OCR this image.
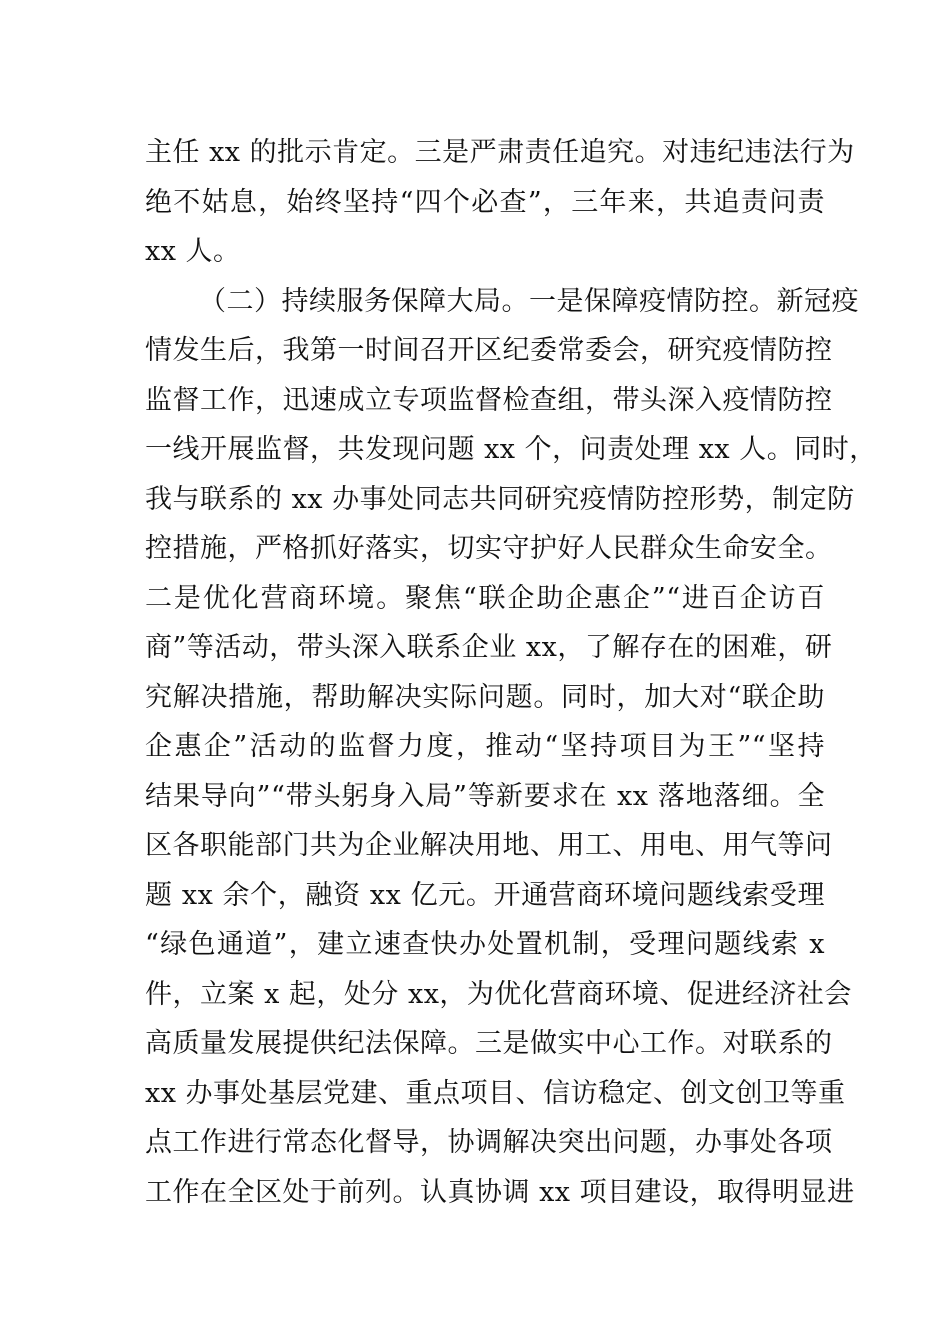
主任 xx 的批示肯定。三是严肃责任追究。对违纪违法行为
绝不姑息，始终坚持“四个必查”，三年来，共追责问责
xx 人。
（二）持续服务保障大局。一是保障疫情防控。新冠疫
情发生后，我第一时间召开区纪委常委会，研究疫情防控
监督工作，迅速成立专项监督检查组，带头深入疫情防控
一线开展监督，共发现问题 xx 个，问责处理 xx 人。同时，
我与联系的 xx 办事处同志共同研究疫情防控形势，制定防
控措施，严格抓好落实，切实守护好人民群众生命安全。
二是优化营商环境。聚焦“联企助企惠企”“进百企访百
商”等活动，带头深入联系企业 xx，了解存在的困难，研
究解决措施，帮助解决实际问题。同时，加大对“联企助
企惠企”活动的监督力度，推动“坚持项目为王”“坚持
结果导向”“带头躬身入局”等新要求在 xx 落地落细。全
区各职能部门共为企业解决用地、用工、用电、用气等问
题 xx 余个，融资 xx 亿元。开通营商环境问题线索受理
“绿色通道”，建立速查快办处置机制，受理问题线索 x
件，立案 x 起，处分 xx，为优化营商环境、促进经济社会
高质量发展提供纪法保障。三是做实中心工作。对联系的
xx 办事处基层党建、重点项目、信访稳定、创文创卫等重
点工作进行常态化督导，协调解决突出问题，办事处各项
工作在全区处于前列。认真协调 xx 项目建设，取得明显进
